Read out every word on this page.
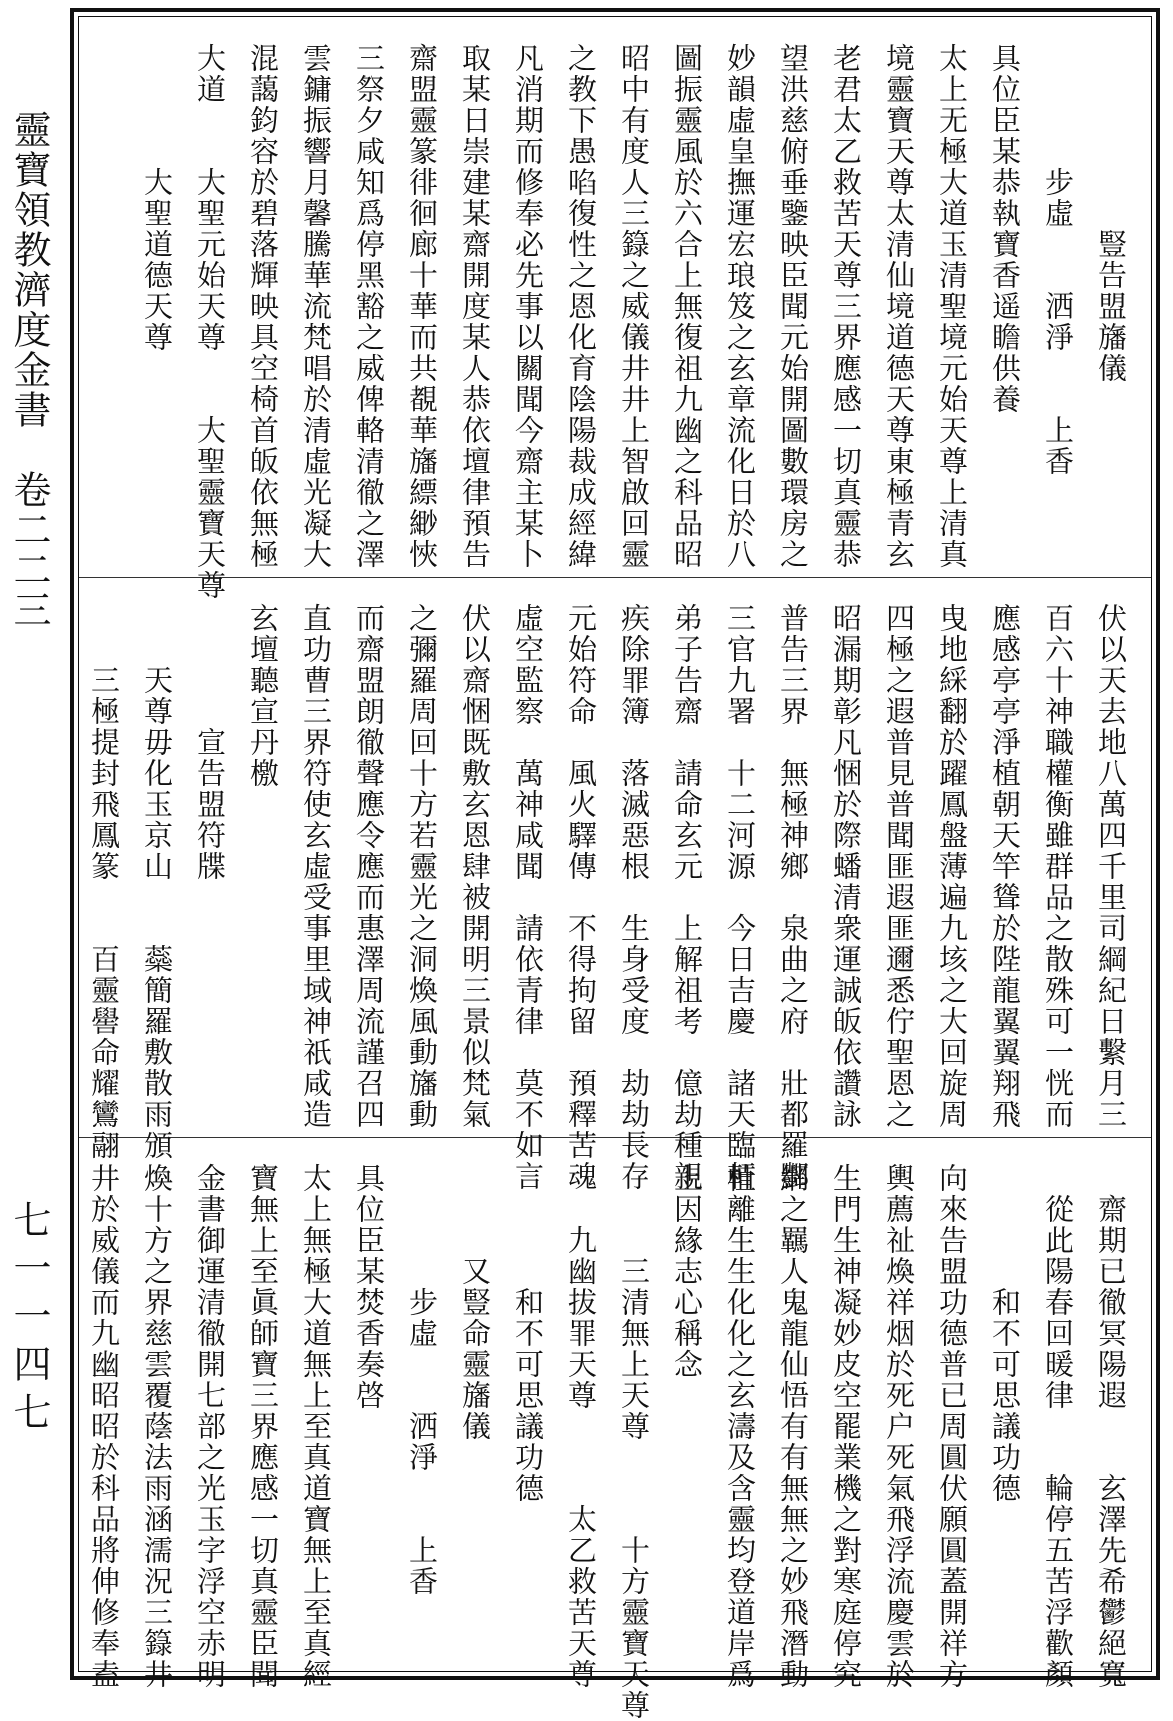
靈寶領教濟度金書　卷二二三
七一一四七
　　　　　　豎告盟旛儀
　　　　步虛　　洒淨　　上香
具位臣某恭執寶香遥瞻供養
太上无極大道玉清聖境元始天尊上清真
境靈寶天尊太清仙境道德天尊東極青玄
老君太乙救苦天尊三界應感一切真靈恭
望洪慈俯垂鑒映臣聞元始開圖數環房之
妙韻虛皇撫運宏琅笈之玄章流化日於八
圖振靈風於六合上無復祖九幽之科品昭
昭中有度人三籙之威儀井井上智啟回靈
之教下愚啗復性之恩化育陰陽裁成經緯
凡消期而修奉必先事以關聞今齋主某卜
取某日崇建某齋開度某人恭依壇律預告
齋盟靈篆徘徊廊十華而共覩華旛縹緲悏
三祭夕咸知爲停黑豁之威俾輅清徹之澤
雲鏞振響月馨騰華流梵唱於清虛光凝大
混藹鈞容於碧落輝映具空椅首皈依無極
大道　　大聖元始天尊　　大聖靈寶天尊
　　　　大聖道德天尊
伏以天去地八萬四千里司綱紀日繫月三
百六十神職權衡雖群品之散殊可一恍而
應感亭亭淨植朝天竿聳於陛龍翼翼翔飛
曳地綵翻於躍鳳盤薄遍九垓之大回旋周
四極之遐普見普聞匪遐匪邇悉佇聖恩之
昭漏期彰凡悃於際蟠清衆運誠皈依讚詠
普告三界　無極神鄉　泉曲之府　壯都羅酆
三官九署　十二河源　今日吉慶　諸天臨軒
弟子告齋　請命玄元　上解祖考　億劫種親
疾除罪簿　落滅惡根　生身受度　劫劫長存
元始符命　風火驛傳　不得拘留　預釋苦魂
虛空監察　萬神咸聞　請依青律　莫不如言
伏以齋悃既敷玄恩肆被開明三景似梵氣
之彌羅周回十方若靈光之洞煥風動旛動
而齋盟朗徹聲應令應而惠澤周流謹召四
直功曹三界符使玄虛受事里域神祇咸造
玄壇聽宣丹檄
　　　　宣告盟符牒
　　天尊毋化玉京山　　蘂簡羅敷散雨頒
　　三極提封飛鳳篆　　百靈嚳命耀鸞翮
　齋期已徹冥陽遐　　玄澤先希鬱絕寬
　從此陽春回暖律　　輪停五苦浮歡顏
　　　　和不可思議功德
向來告盟功德普已周圓伏願圓蓋開祥方
輿薦祉煥祥烟於死户死氣飛浮流慶雲於
生門生神凝妙皮空罷業機之對寒庭停究
網之羈人鬼龍仙悟有有無無之妙飛潛動
植離生生化化之玄濤及含靈均登道岸爲
上因緣志心稱念
　　　三清無上天尊　　　十方靈寶天尊
　　九幽拔罪天尊　　　太乙救苦天尊
　　　　和不可思議功德
　　　又豎命靈旛儀
　　　　步虛　　洒淨　　上香
具位臣某焚香奏啓
太上無極大道無上至真道寶無上至真經
寶無上至眞師寶三界應感一切真靈臣聞
金書御運清徹開七部之光玉字浮空赤明
煥十方之界慈雲覆蔭法雨涵濡況三籙井
井於威儀而九幽昭昭於科品將伸修奉盍
